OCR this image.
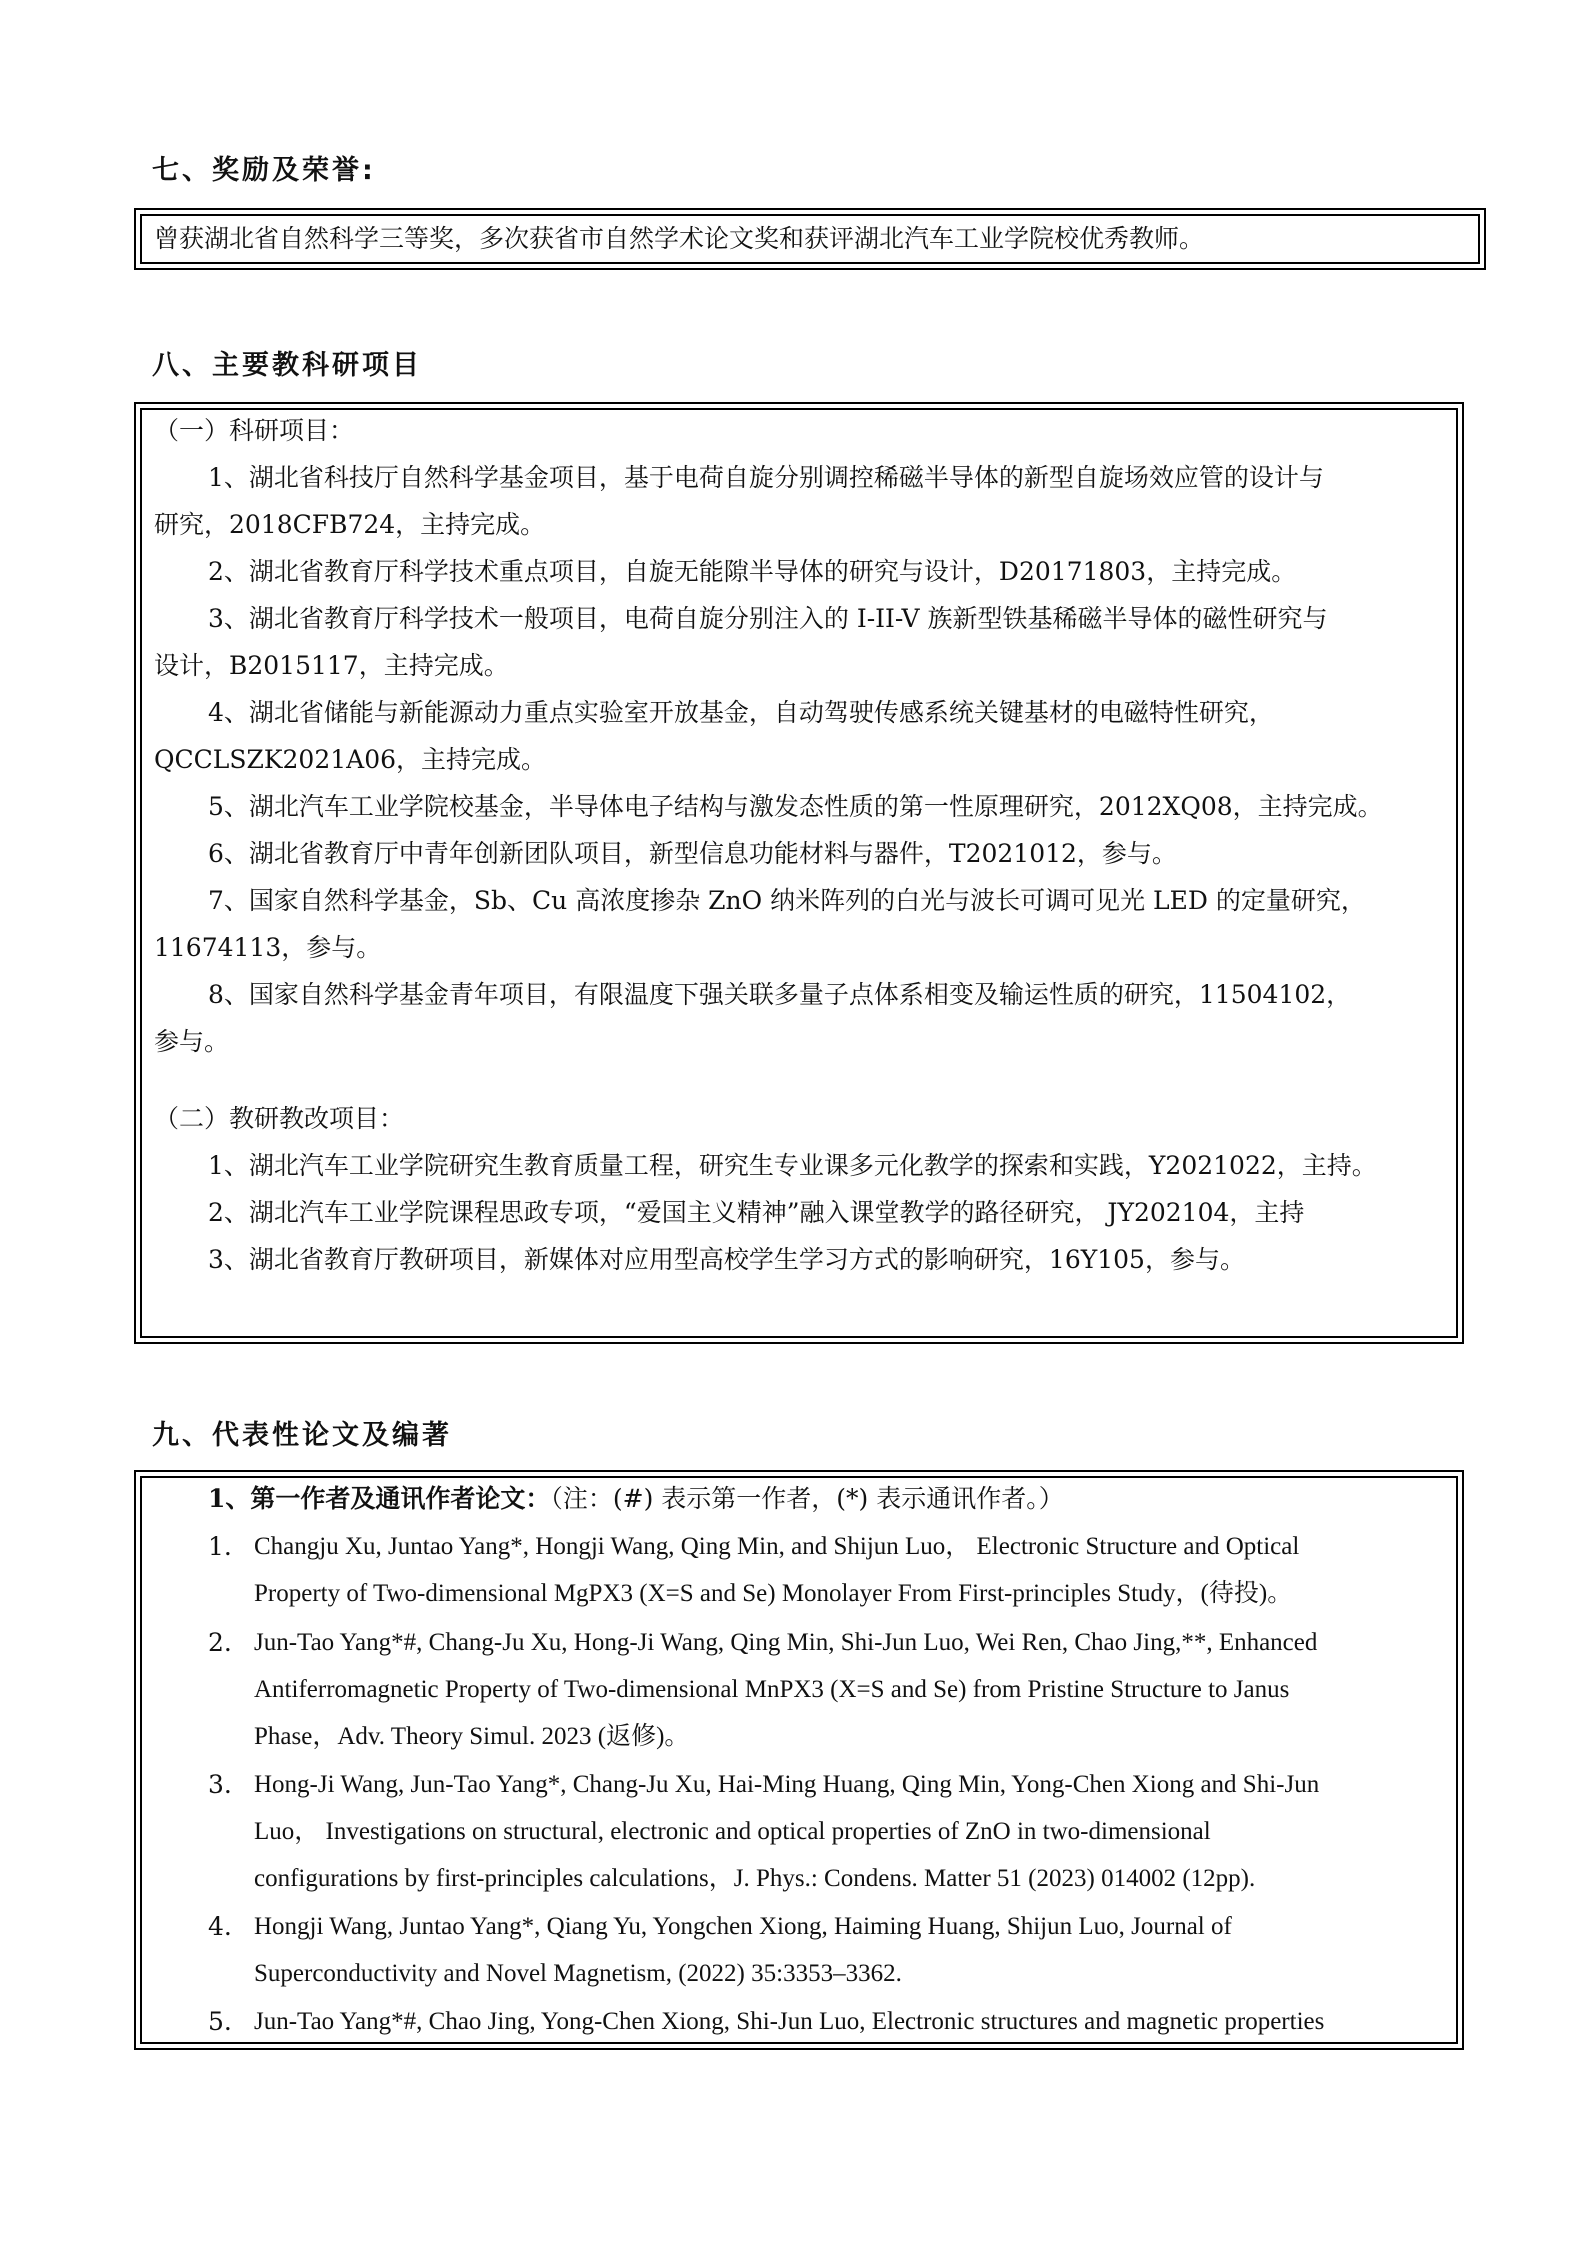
七、奖励及荣誉:
曾获湖北省自然科学三等奖，多次获省市自然学术论文奖和获评湖北汽车工业学院校优秀教师。
八、主要教科研项目
（一）科研项目：
1、湖北省科技厅自然科学基金项目，基于电荷自旋分别调控稀磁半导体的新型自旋场效应管的设计与
研究，2018CFB724，主持完成。
2、湖北省教育厅科学技术重点项目，自旋无能隙半导体的研究与设计，D20171803，主持完成。
3、湖北省教育厅科学技术一般项目，电荷自旋分别注入的 I-II-V 族新型铁基稀磁半导体的磁性研究与
设计，B2015117，主持完成。
4、湖北省储能与新能源动力重点实验室开放基金，自动驾驶传感系统关键基材的电磁特性研究，
QCCLSZK2021A06，主持完成。
5、湖北汽车工业学院校基金，半导体电子结构与激发态性质的第一性原理研究，2012XQ08，主持完成。
6、湖北省教育厅中青年创新团队项目，新型信息功能材料与器件，T2021012，参与。
7、国家自然科学基金，Sb、Cu 高浓度掺杂 ZnO 纳米阵列的白光与波长可调可见光 LED 的定量研究，
11674113，参与。
8、国家自然科学基金青年项目，有限温度下强关联多量子点体系相变及输运性质的研究，11504102，
参与。
（二）教研教改项目：
1、湖北汽车工业学院研究生教育质量工程，研究生专业课多元化教学的探索和实践，Y2021022，主持。
2、湖北汽车工业学院课程思政专项，“爱国主义精神”融入课堂教学的路径研究， JY202104，主持
3、湖北省教育厅教研项目，新媒体对应用型高校学生学习方式的影响研究，16Y105，参与。
九、代表性论文及编著
1、第一作者及通讯作者论文：（注：(#) 表示第一作者，(*) 表示通讯作者。）
1. Changju Xu, Juntao Yang*, Hongji Wang, Qing Min, and Shijun Luo， Electronic Structure and Optical
Property of Two-dimensional MgPX3 (X=S and Se) Monolayer From First-principles Study，(待投)。
2. Jun-Tao Yang*#, Chang-Ju Xu, Hong-Ji Wang, Qing Min, Shi-Jun Luo, Wei Ren, Chao Jing,**, Enhanced
Antiferromagnetic Property of Two-dimensional MnPX3 (X=S and Se) from Pristine Structure to Janus
Phase，Adv. Theory Simul. 2023 (返修)。
3. Hong-Ji Wang, Jun-Tao Yang*, Chang-Ju Xu, Hai-Ming Huang, Qing Min, Yong-Chen Xiong and Shi-Jun
Luo， Investigations on structural, electronic and optical properties of ZnO in two-dimensional
configurations by first-principles calculations，J. Phys.: Condens. Matter 51 (2023) 014002 (12pp).
4. Hongji Wang, Juntao Yang*, Qiang Yu, Yongchen Xiong, Haiming Huang, Shijun Luo, Journal of
Superconductivity and Novel Magnetism, (2022) 35:3353–3362.
5. Jun-Tao Yang*#, Chao Jing, Yong-Chen Xiong, Shi-Jun Luo, Electronic structures and magnetic properties
